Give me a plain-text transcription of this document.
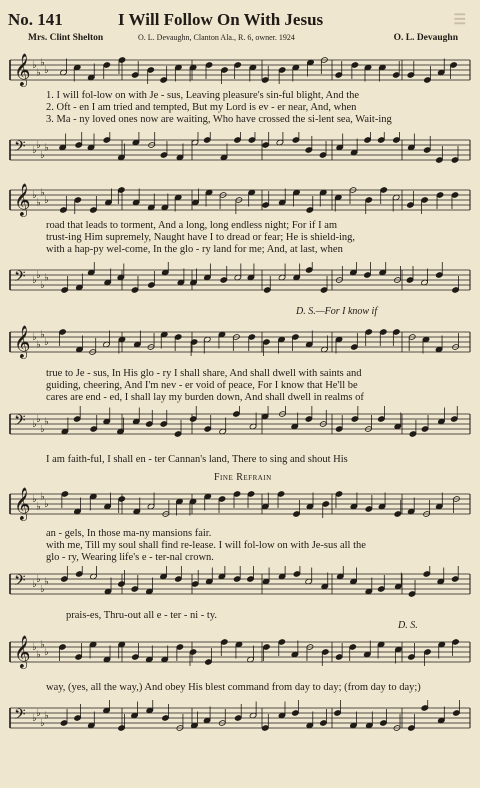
No. 141	I Will Follow On With Jesus	☰
Mrs. Clint Shelton	O. L. Devaughn, Clanton Ala., R. 6, owner. 1924	O. L. Devaughn
𝄞 ♭
♭
♭
♭
1. I will fol-low on with Je - sus, Leaving pleasure's sin-ful blight, And the
2. Oft - en I am tried and tempted, But my Lord is ev - er near, And, when
3. Ma - ny loved ones now are waiting, Who have crossed the si-lent sea, Wait-ing
𝄢 ♭ ♭
♭
♭
𝄞 ♭
♭
♭
♭
road that leads to torment, And a long, long endless night; For if I am
trust-ing Him supremely, Naught have I to dread or fear; He is shield-ing,
with a hap-py wel-come, In the glo - ry land for me; And, at last, when
𝄢 ♭ ♭
♭
♭
D. S.—For I know if
𝄞 ♭
♭
♭
♭
true to Je - sus, In His glo - ry I shall share, And shall dwell with saints and
guiding, cheering, And I'm nev - er void of peace, For I know that He'll be
cares are end - ed, I shall lay my burden down, And shall dwell in realms of
𝄢 ♭ ♭
♭
♭
I am faith-ful, I shall en - ter Cannan's land, There to sing and shout His
Fine Refrain
𝄞 ♭
♭
♭
♭
an - gels, In those ma-ny mansions fair.
with me, Till my soul shall find re-lease. I will fol-low on with Je-sus all the
glo - ry, Wearing life's e - ter-nal crown.
𝄢 ♭ ♭
♭
♭
prais-es, Thru-out all e - ter - ni - ty.
D. S.
𝄞 ♭
♭
♭
♭
way, (yes, all the way,) And obey His blest command from day to day; (from day to day;)
𝄢 ♭ ♭
♭
♭
